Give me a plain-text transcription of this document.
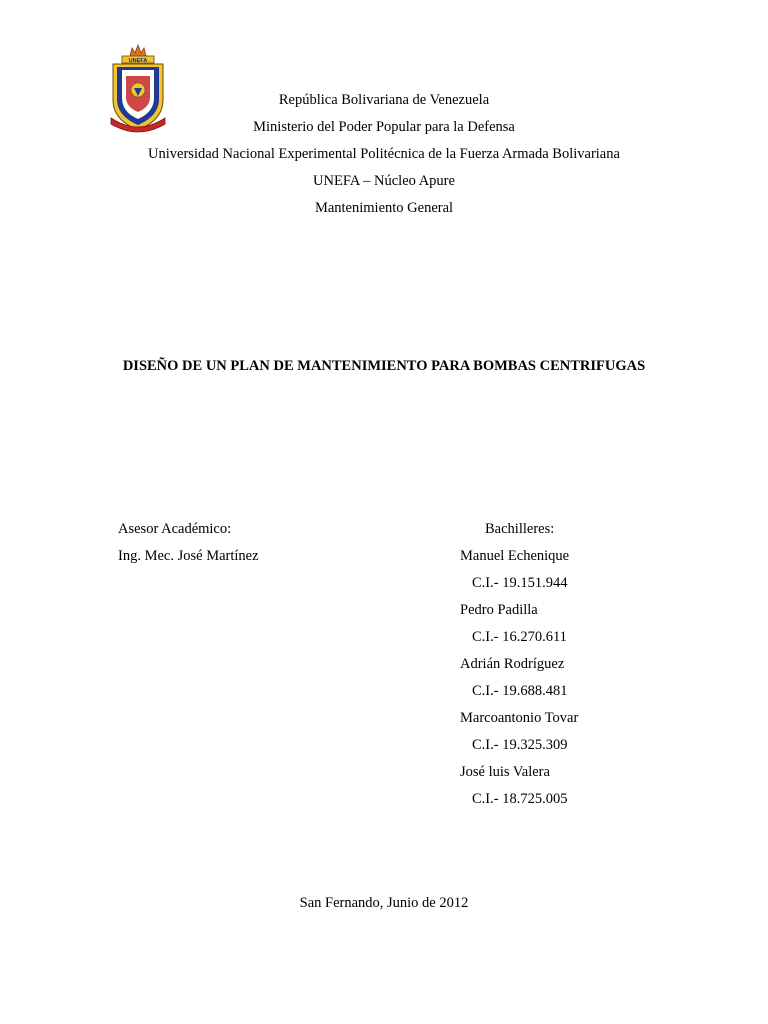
UNEFA
República Bolivariana de Venezuela
Ministerio del Poder Popular para la Defensa
Universidad Nacional Experimental Politécnica de la Fuerza Armada Bolivariana
UNEFA – Núcleo Apure
Mantenimiento General
DISEÑO DE UN PLAN DE MANTENIMIENTO PARA BOMBAS CENTRIFUGAS
Asesor Académico:
Ing. Mec. José Martínez
Bachilleres:
Manuel Echenique
C.I.- 19.151.944
Pedro Padilla
C.I.- 16.270.611
Adrián Rodríguez
C.I.- 19.688.481
Marcoantonio Tovar
C.I.- 19.325.309
José luis Valera
C.I.- 18.725.005
San Fernando, Junio de 2012
